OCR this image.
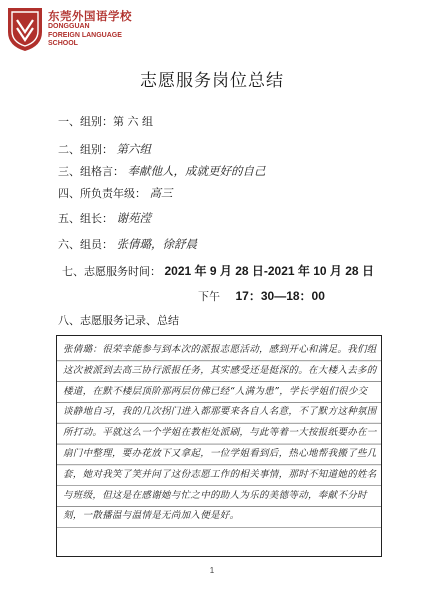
东莞外国语学校
DONGGUAN
FOREIGN LANGUAGE
SCHOOL
志愿服务岗位总结
一、组别：第 六 组
二、组别： 第六组
三、组格言： 奉献他人，成就更好的自己
四、所负责年级： 高三
五、组长： 谢苑滢
六、组员： 张倩璐，徐舒晨
七、志愿服务时间： 2021 年 9 月 28 日-2021 年 10 月 28 日
下午 17：30—18：00
八、志愿服务记录、总结
张倩璐：很荣幸能参与到本次的派报志愿活动，感到开心和满足。我们组这次被派到去高三协行派报任务，其实感受还是挺深的。在大楼入去多的楼道，在默不楼层顶阶那两层仿佛已经“人满为患”，学长学姐们很少交谈静地自习，我的几次拐门进入都那要来各自人名意，不了默方这种氛围所打动。平就这么一个学姐在教柜处派刷，与此等着一大按报纸要办在一扇门中整理，要办花放下又拿起，一位学姐看到后，热心地帮我搬了些几套，她对我笑了笑并问了这份志愿工作的相关事情，那时不知道她的姓名与班级，但这是在感谢她与忙之中的助人为乐的美德等动，奉献不分时刻，一散播温与温情是无尚加入便是好。
1
